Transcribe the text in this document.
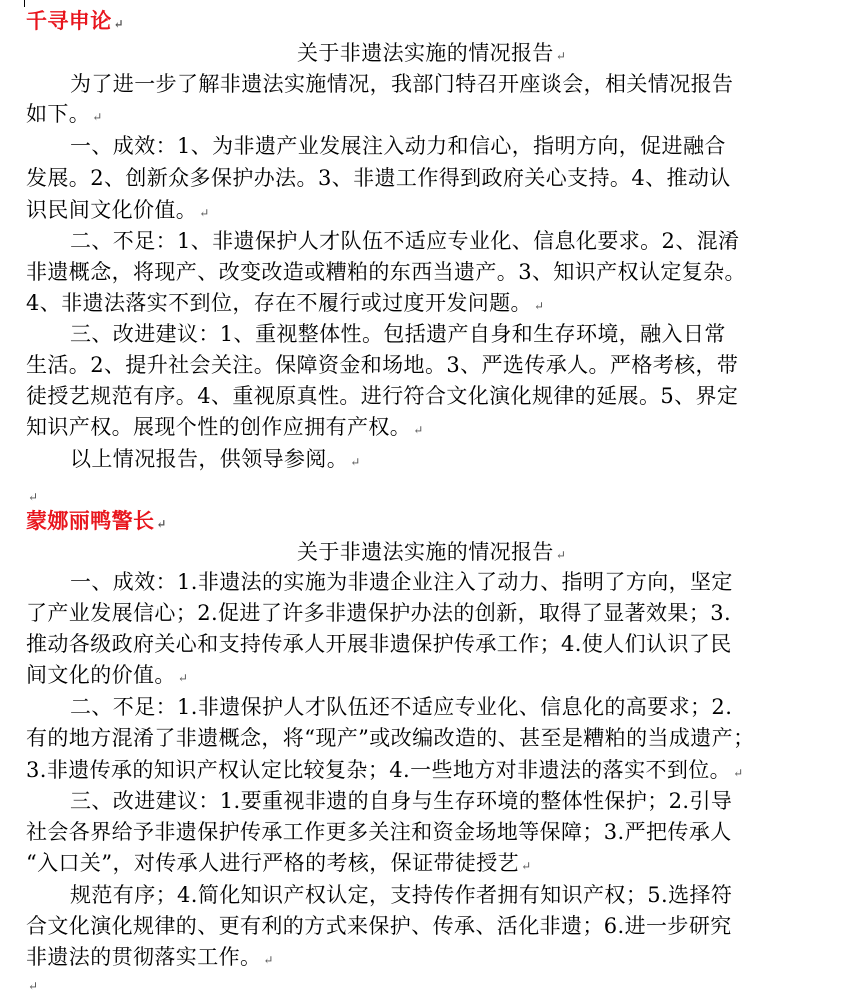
千寻申论 ↵
关于非遗法实施的情况报告 ↵
为了进一步了解非遗法实施情况，我部门特召开座谈会，相关情况报告
如下。 ↵
一、成效：1、为非遗产业发展注入动力和信心，指明方向，促进融合
发展。2、创新众多保护办法。3、非遗工作得到政府关心支持。4、推动认
识民间文化价值。 ↵
二、不足：1、非遗保护人才队伍不适应专业化、信息化要求。2、混淆
非遗概念，将现产、改变改造或糟粕的东西当遗产。3、知识产权认定复杂。
4、非遗法落实不到位，存在不履行或过度开发问题。 ↵
三、改进建议：1、重视整体性。包括遗产自身和生存环境，融入日常
生活。2、提升社会关注。保障资金和场地。3、严选传承人。严格考核，带
徒授艺规范有序。4、重视原真性。进行符合文化演化规律的延展。5、界定
知识产权。展现个性的创作应拥有产权。 ↵
以上情况报告，供领导参阅。 ↵
↵
蒙娜丽鸭警长 ↵
关于非遗法实施的情况报告 ↵
一、成效：1.非遗法的实施为非遗企业注入了动力、指明了方向，坚定
了产业发展信心；2.促进了许多非遗保护办法的创新，取得了显著效果；3.
推动各级政府关心和支持传承人开展非遗保护传承工作；4.使人们认识了民
间文化的价值。 ↵
二、不足：1.非遗保护人才队伍还不适应专业化、信息化的高要求；2.
有的地方混淆了非遗概念，将“现产”或改编改造的、甚至是糟粕的当成遗产；
3.非遗传承的知识产权认定比较复杂；4.一些地方对非遗法的落实不到位。 ↵
三、改进建议：1.要重视非遗的自身与生存环境的整体性保护；2.引导
社会各界给予非遗保护传承工作更多关注和资金场地等保障；3.严把传承人
“入口关”，对传承人进行严格的考核，保证带徒授艺 ↵
规范有序；4.简化知识产权认定，支持传作者拥有知识产权；5.选择符
合文化演化规律的、更有利的方式来保护、传承、活化非遗；6.进一步研究
非遗法的贯彻落实工作。 ↵
↵
